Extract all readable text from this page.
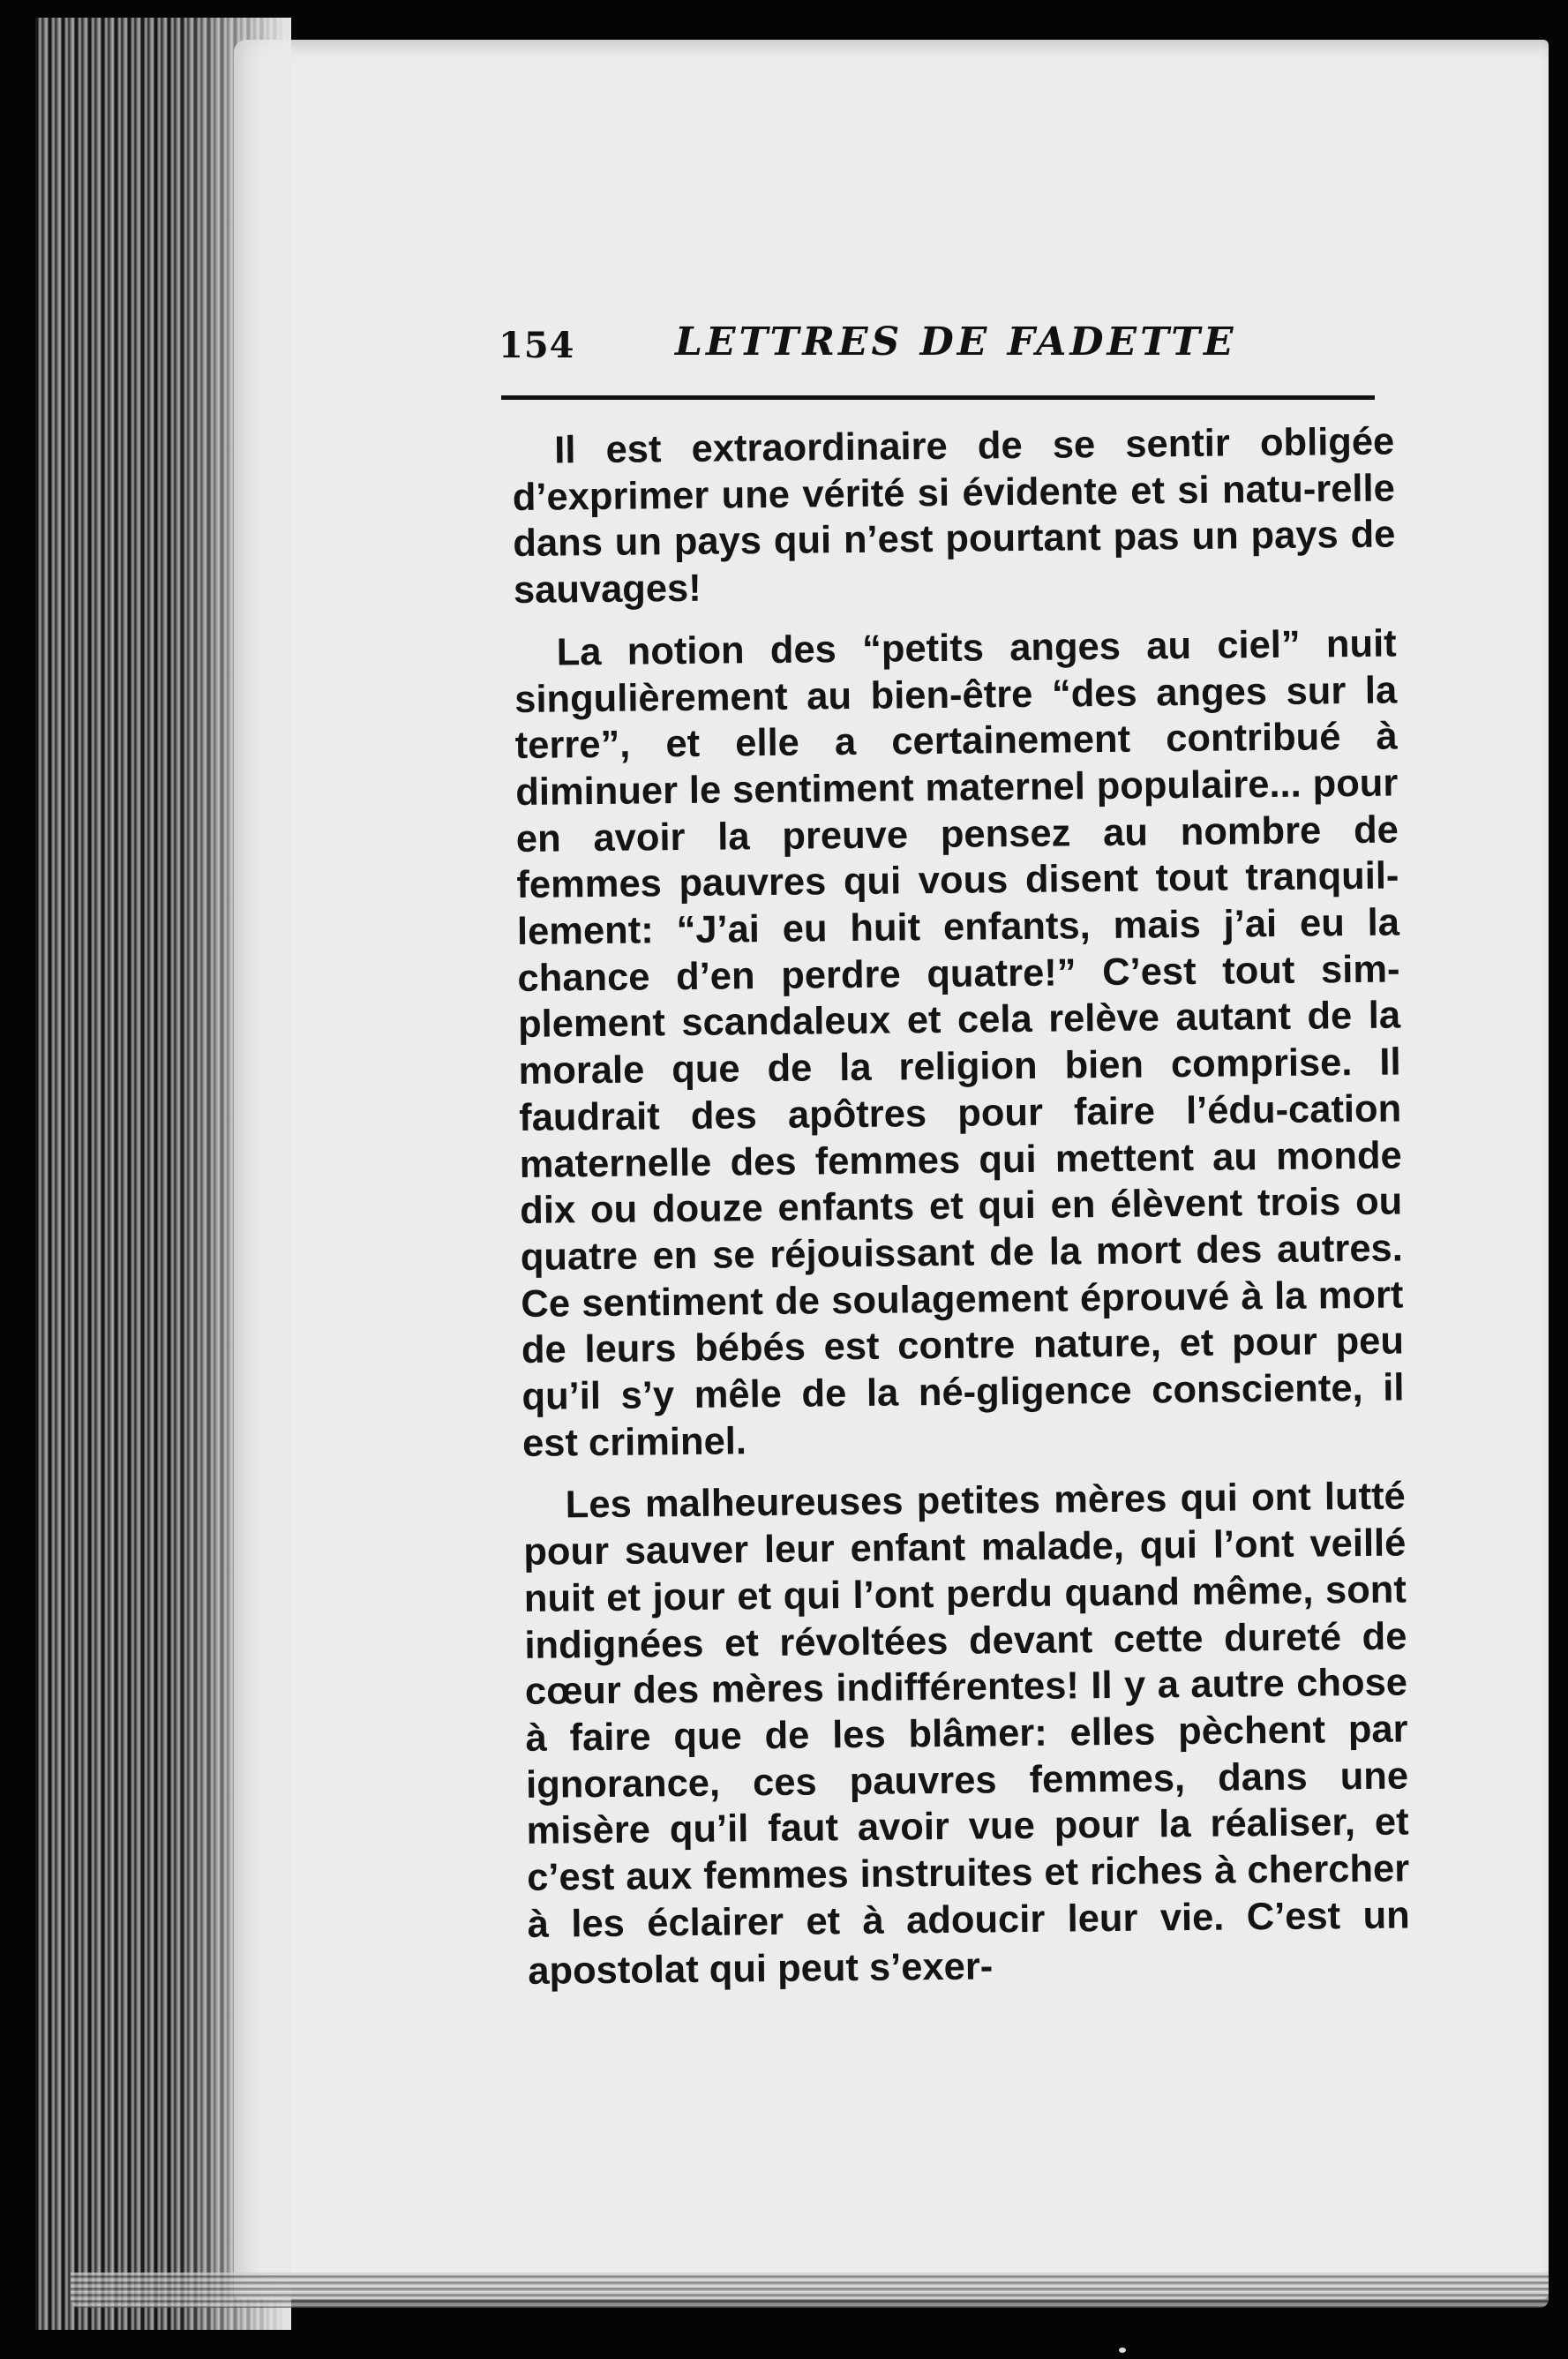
154	LETTRES DE FADETTE

Il est extraordinaire de se sentir obligée d’exprimer une vérité si évidente et si natu-relle dans un pays qui n’est pourtant pas un pays de sauvages!

La notion des “petits anges au ciel” nuit singulièrement au bien-être “des anges sur la terre”, et elle a certainement contribué à diminuer le sentiment maternel populaire... pour en avoir la preuve pensez au nombre de femmes pauvres qui vous disent tout tranquil-lement: “J’ai eu huit enfants, mais j’ai eu la chance d’en perdre quatre!” C’est tout sim-plement scandaleux et cela relève autant de la morale que de la religion bien comprise. Il faudrait des apôtres pour faire l’édu-cation maternelle des femmes qui mettent au monde dix ou douze enfants et qui en élèvent trois ou quatre en se réjouissant de la mort des autres. Ce sentiment de soulagement éprouvé à la mort de leurs bébés est contre nature, et pour peu qu’il s’y mêle de la né-gligence consciente, il est criminel.

Les malheureuses petites mères qui ont lutté pour sauver leur enfant malade, qui l’ont veillé nuit et jour et qui l’ont perdu quand même, sont indignées et révoltées devant cette dureté de cœur des mères indifférentes! Il y a autre chose à faire que de les blâmer: elles pèchent par ignorance, ces pauvres femmes, dans une misère qu’il faut avoir vue pour la réaliser, et c’est aux femmes instruites et riches à chercher à les éclairer et à adoucir leur vie. C’est un apostolat qui peut s’exer-
